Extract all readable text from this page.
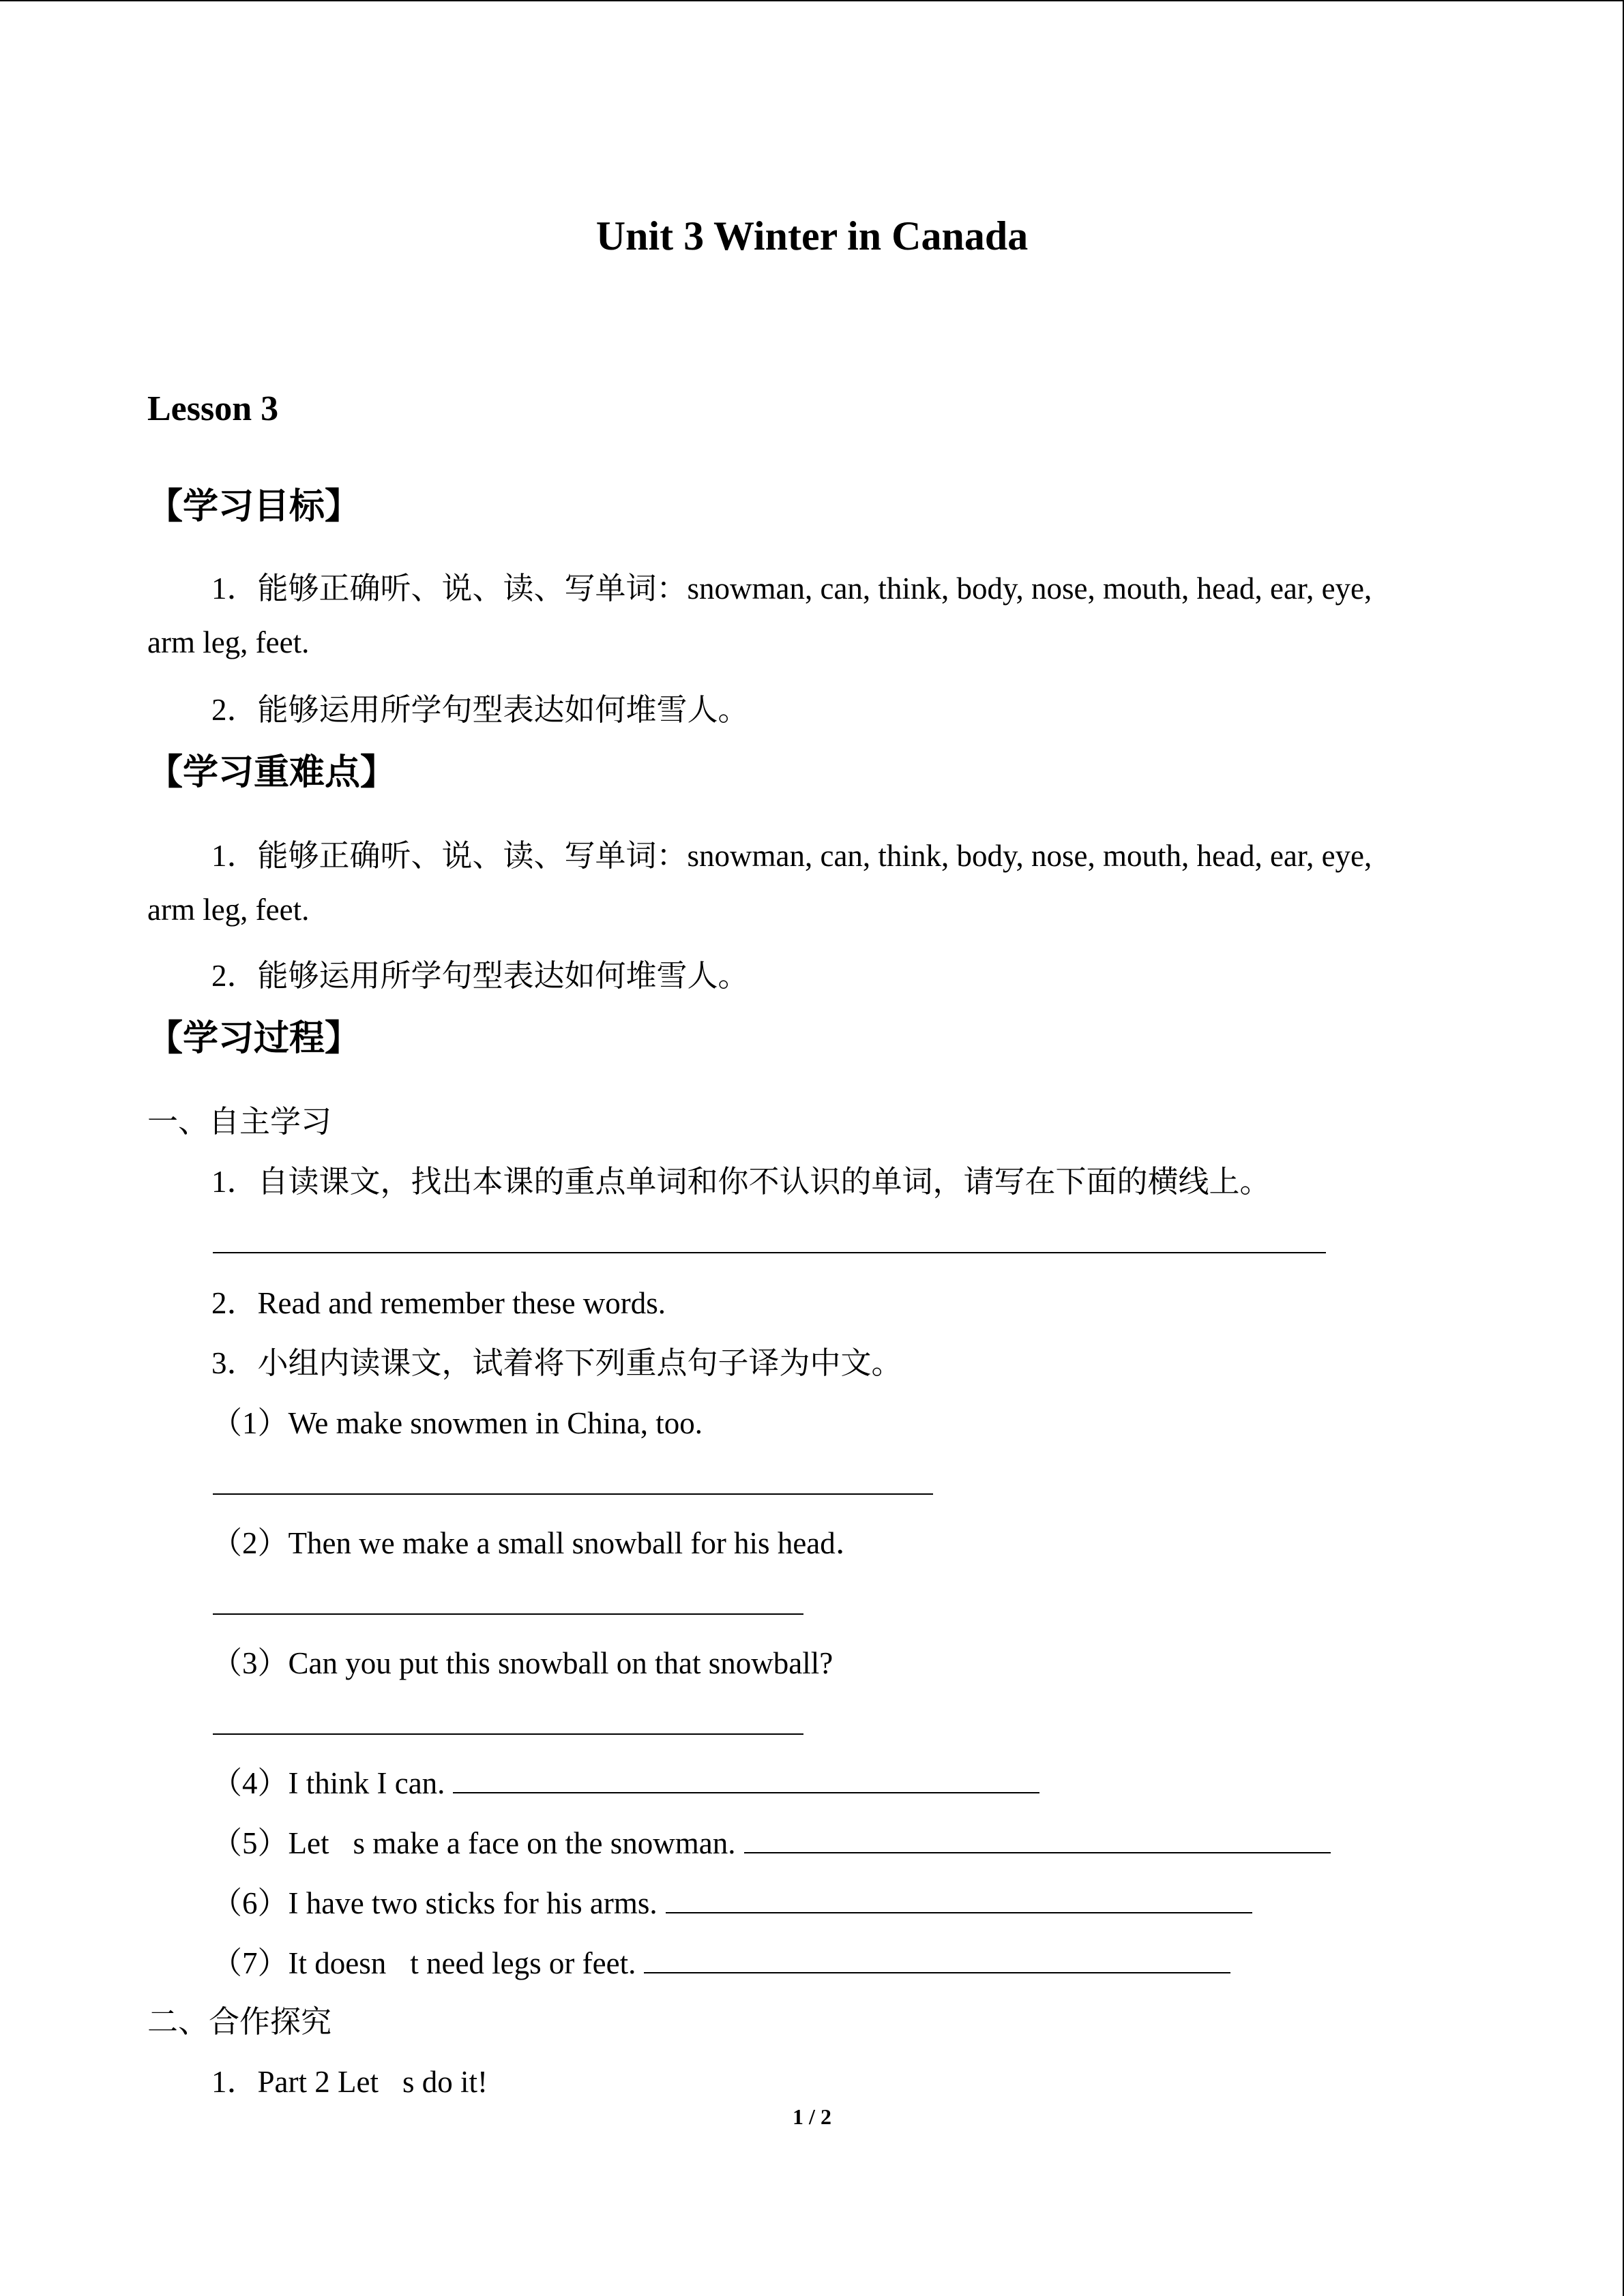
Unit 3 Winter in Canada
Lesson 3
【学习目标】
1．能够正确听、说、读、写单词：snowman, can, think, body, nose, mouth, head, ear, eye,
arm leg, feet.
2．能够运用所学句型表达如何堆雪人。
【学习重难点】
1．能够正确听、说、读、写单词：snowman, can, think, body, nose, mouth, head, ear, eye,
arm leg, feet.
2．能够运用所学句型表达如何堆雪人。
【学习过程】
一、自主学习
1．自读课文，找出本课的重点单词和你不认识的单词，请写在下面的横线上。
2．Read and remember these words.
3．小组内读课文，试着将下列重点句子译为中文。
（1）We make snowmen in China, too.
（2）Then we make a small snowball for his head．
（3）Can you put this snowball on that snowball?
（4）I think I can.
（5）Let s make a face on the snowman.
（6）I have two sticks for his arms.
（7）It doesn t need legs or feet.
二、合作探究
1．Part 2 Let s do it!
1 / 2
